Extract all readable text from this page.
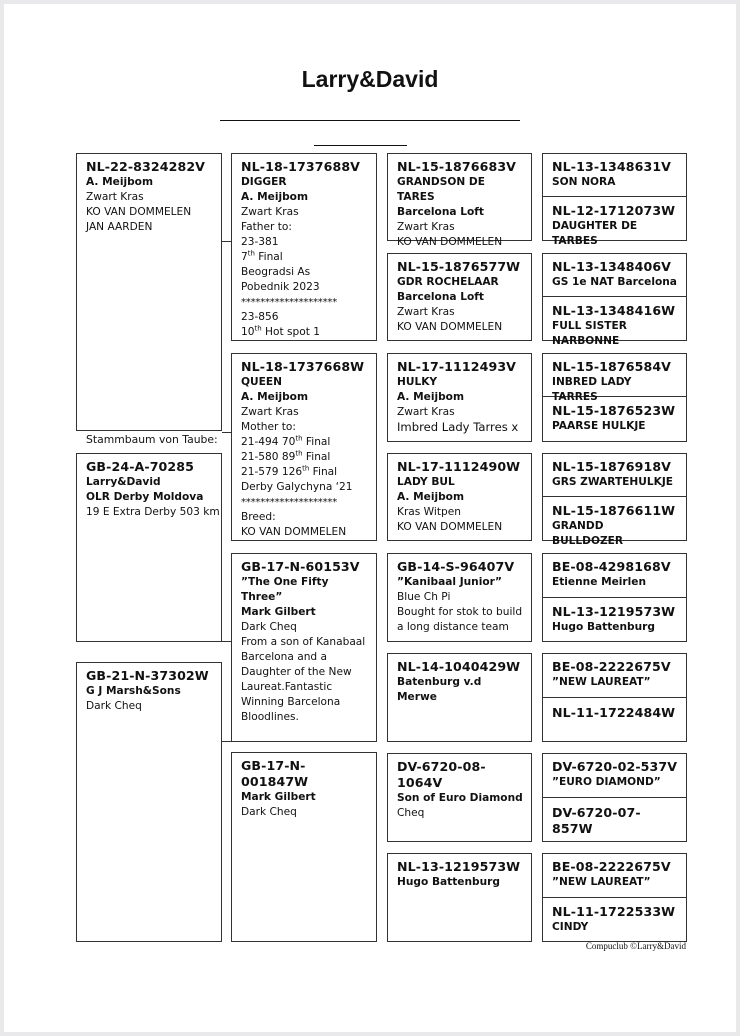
Larry&David
NL-22-8324282V
A. Meijbom
Zwart Kras
KO VAN DOMMELEN
JAN AARDEN
Stammbaum von Taube:
GB-24-A-70285
Larry&David
OLR Derby Moldova
19 E Extra Derby 503 km
GB-21-N-37302W
G J Marsh&Sons
Dark Cheq
NL-18-1737688V
DIGGER
A. Meijbom
Zwart Kras
Father to:
23-381
7th Final
Beogradsi As
Pobednik 2023
********************
23-856
10th Hot spot 1
NL-18-1737668W
QUEEN
A. Meijbom
Zwart Kras
Mother to:
21-494 70th Final
21-580 89th Final
21-579 126th Final
Derby Galychyna ‘21
********************
Breed:
KO VAN DOMMELEN
GB-17-N-60153V
”The One Fifty Three”
Mark Gilbert
Dark Cheq
From a son of Kanabaal Barcelona and a Daughter of the New Laureat.Fantastic Winning Barcelona Bloodlines.
GB-17-N-001847W
Mark Gilbert
Dark Cheq
NL-15-1876683V
GRANDSON DE TARES
Barcelona Loft
Zwart Kras
KO VAN DOMMELEN
NL-15-1876577W
GDR ROCHELAAR
Barcelona Loft
Zwart Kras
KO VAN DOMMELEN
NL-17-1112493V
HULKY
A. Meijbom
Zwart Kras
Imbred Lady Tarres x
NL-17-1112490W
LADY BUL
A. Meijbom
Kras Witpen
KO VAN DOMMELEN
GB-14-S-96407V
”Kanibaal Junior”
Blue Ch Pi
Bought for stok to build a long distance team
NL-14-1040429W
Batenburg v.d Merwe
DV-6720-08-1064V
Son of Euro Diamond
Cheq
NL-13-1219573W
Hugo Battenburg
NL-13-1348631V
SON NORA
NL-12-1712073W
DAUGHTER DE TARBES
NL-13-1348406V
GS 1e NAT Barcelona
NL-13-1348416W
FULL SISTER NARBONNE
NL-15-1876584V
INBRED LADY TARRES
NL-15-1876523W
PAARSE HULKJE
NL-15-1876918V
GRS ZWARTEHULKJE
NL-15-1876611W
GRANDD BULLDOZER
BE-08-4298168V
Etienne Meirlen
NL-13-1219573W
Hugo Battenburg
BE-08-2222675V
”NEW LAUREAT”
NL-11-1722484W
DV-6720-02-537V
”EURO DIAMOND”
DV-6720-07-857W
BE-08-2222675V
”NEW LAUREAT”
NL-11-1722533W
CINDY
Compuclub ©Larry&David
